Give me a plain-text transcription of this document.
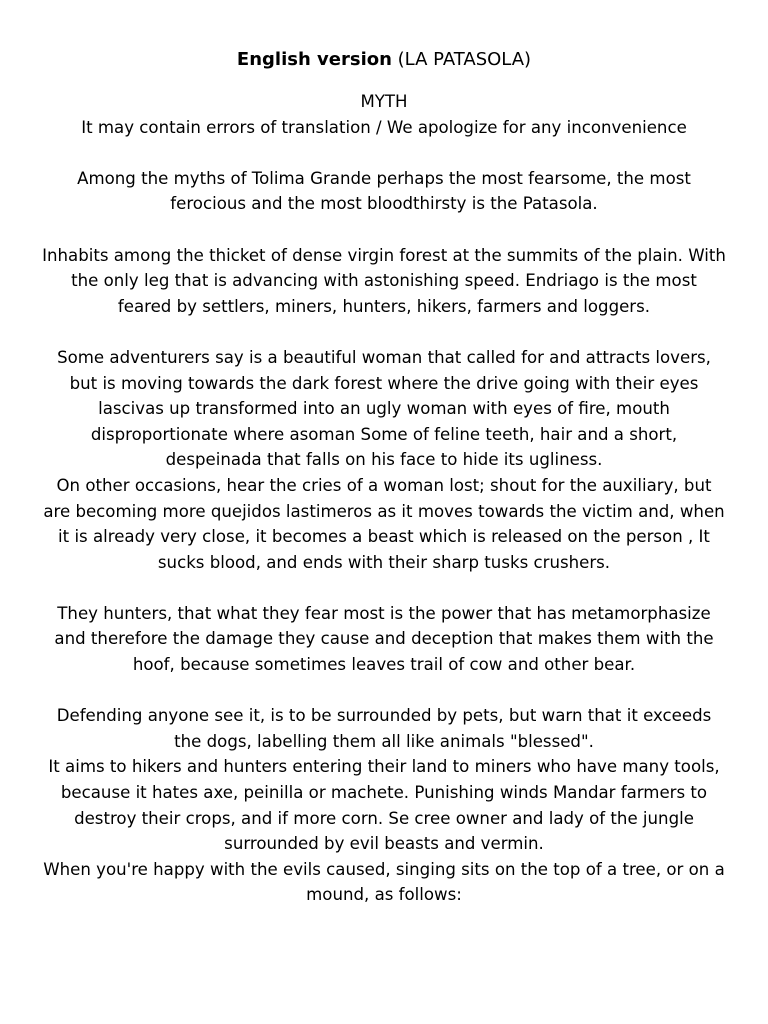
English version (LA PATASOLA)

MYTH

It may contain errors of translation / We apologize for any inconvenience

Among the myths of Tolima Grande perhaps the most fearsome, the most ferocious and the most bloodthirsty is the Patasola.

Inhabits among the thicket of dense virgin forest at the summits of the plain. With the only leg that is advancing with astonishing speed. Endriago is the most feared by settlers, miners, hunters, hikers, farmers and loggers.

Some adventurers say is a beautiful woman that called for and attracts lovers, but is moving towards the dark forest where the drive going with their eyes lascivas up transformed into an ugly woman with eyes of fire, mouth disproportionate where asoman Some of feline teeth, hair and a short, despeinada that falls on his face to hide its ugliness.

On other occasions, hear the cries of a woman lost; shout for the auxiliary, but are becoming more quejidos lastimeros as it moves towards the victim and, when it is already very close, it becomes a beast which is released on the person , It sucks blood, and ends with their sharp tusks crushers.

They hunters, that what they fear most is the power that has metamorphasize and therefore the damage they cause and deception that makes them with the hoof, because sometimes leaves trail of cow and other bear.

Defending anyone see it, is to be surrounded by pets, but warn that it exceeds the dogs, labelling them all like animals "blessed".

It aims to hikers and hunters entering their land to miners who have many tools, because it hates axe, peinilla or machete. Punishing winds Mandar farmers to destroy their crops, and if more corn. Se cree owner and lady of the jungle surrounded by evil beasts and vermin.

When you're happy with the evils caused, singing sits on the top of a tree, or on a mound, as follows:
